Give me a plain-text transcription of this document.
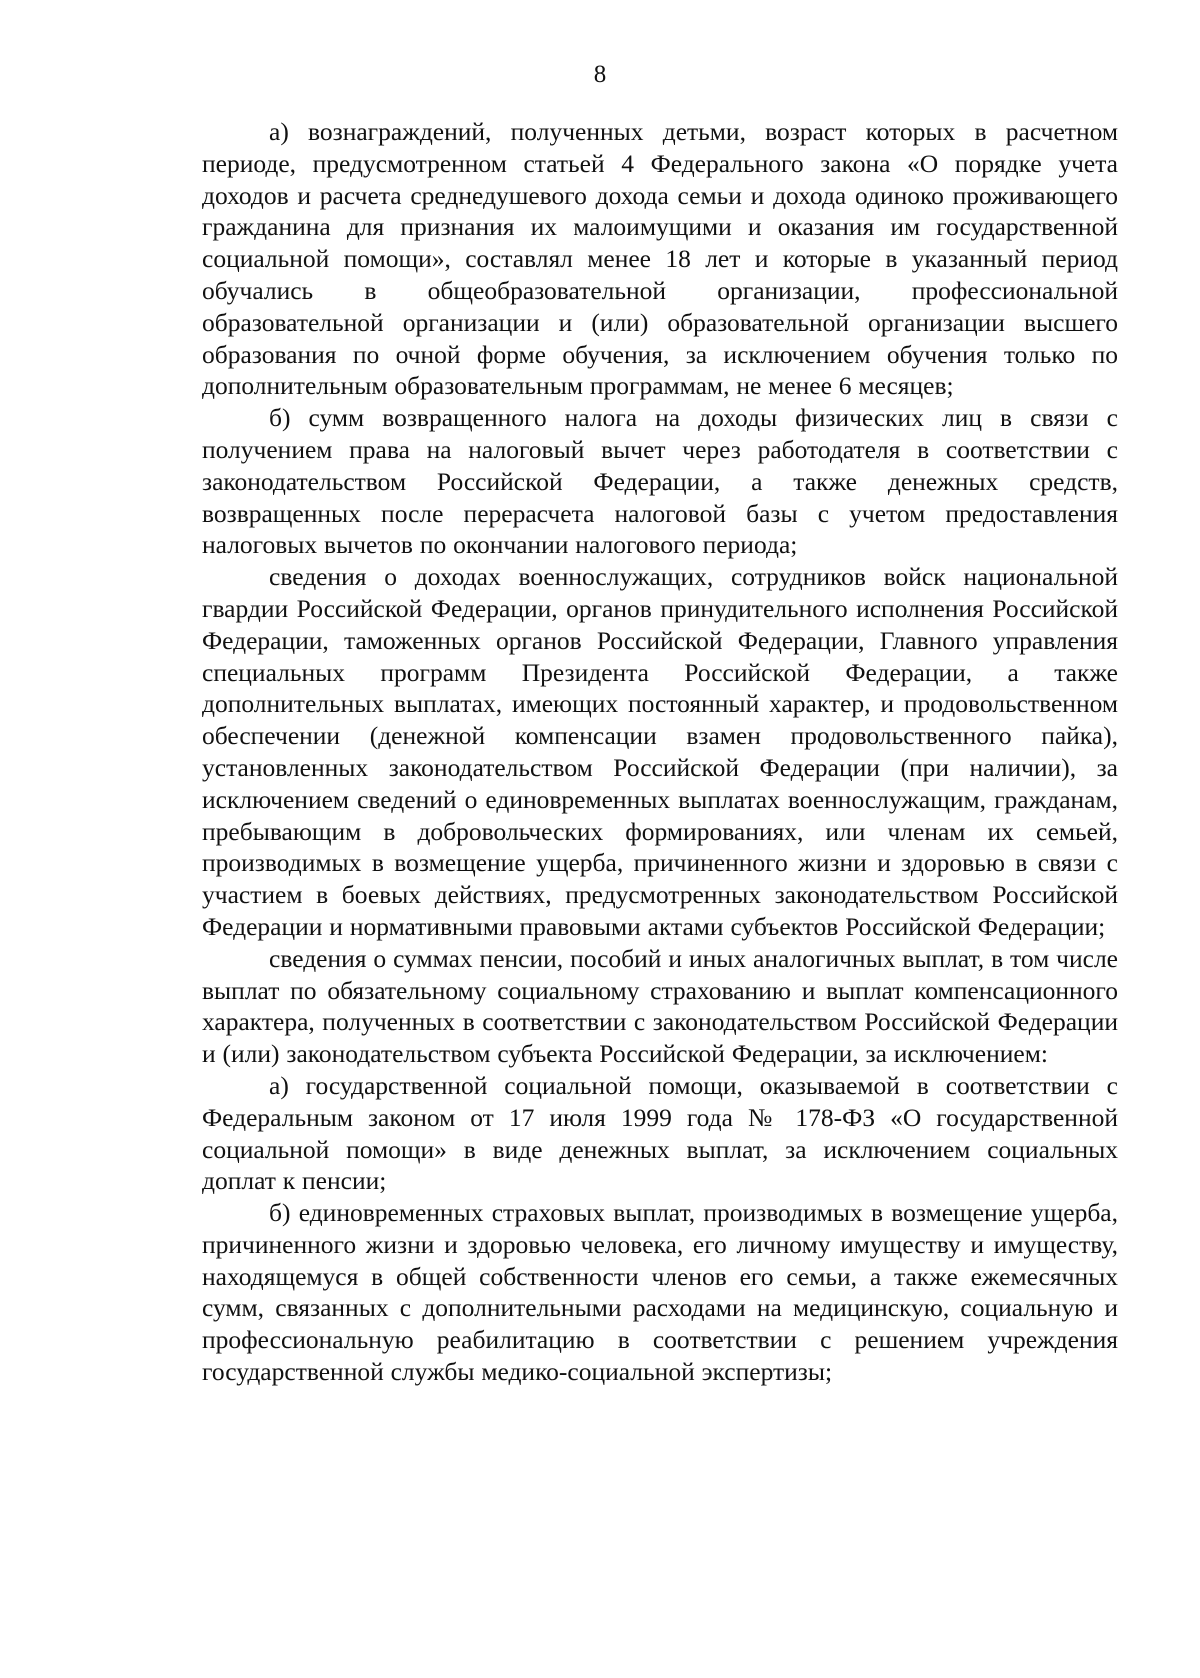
8

а) вознаграждений, полученных детьми, возраст которых в расчетном периоде, предусмотренном статьей 4 Федерального закона «О порядке учета доходов и расчета среднедушевого дохода семьи и дохода одиноко проживающего гражданина для признания их малоимущими и оказания им государственной социальной помощи», составлял менее 18 лет и которые в указанный период обучались в общеобразовательной организации, профессиональной образовательной организации и (или) образовательной организации высшего образования по очной форме обучения, за исключением обучения только по дополнительным образовательным программам, не менее 6 месяцев;

б) сумм возвращенного налога на доходы физических лиц в связи с получением права на налоговый вычет через работодателя в соответствии с законодательством Российской Федерации, а также денежных средств, возвращенных после перерасчета налоговой базы с учетом предоставления налоговых вычетов по окончании налогового периода;

сведения о доходах военнослужащих, сотрудников войск национальной гвардии Российской Федерации, органов принудительного исполнения Российской Федерации, таможенных органов Российской Федерации, Главного управления специальных программ Президента Российской Федерации, а также дополнительных выплатах, имеющих постоянный характер, и продовольственном обеспечении (денежной компенсации взамен продовольственного пайка), установленных законодательством Российской Федерации (при наличии), за исключением сведений о единовременных выплатах военнослужащим, гражданам, пребывающим в добровольческих формированиях, или членам их семьей, производимых в возмещение ущерба, причиненного жизни и здоровью в связи с участием в боевых действиях, предусмотренных законодательством Российской Федерации и нормативными правовыми актами субъектов Российской Федерации;

сведения о суммах пенсии, пособий и иных аналогичных выплат, в том числе выплат по обязательному социальному страхованию и выплат компенсационного характера, полученных в соответствии с законодательством Российской Федерации и (или) законодательством субъекта Российской Федерации, за исключением:

а) государственной социальной помощи, оказываемой в соответствии с Федеральным законом от 17 июля 1999 года № 178-ФЗ «О государственной социальной помощи» в виде денежных выплат, за исключением социальных доплат к пенсии;

б) единовременных страховых выплат, производимых в возмещение ущерба, причиненного жизни и здоровью человека, его личному имуществу и имуществу, находящемуся в общей собственности членов его семьи, а также ежемесячных сумм, связанных с дополнительными расходами на медицинскую, социальную и профессиональную реабилитацию в соответствии с решением учреждения государственной службы медико-социальной экспертизы;
